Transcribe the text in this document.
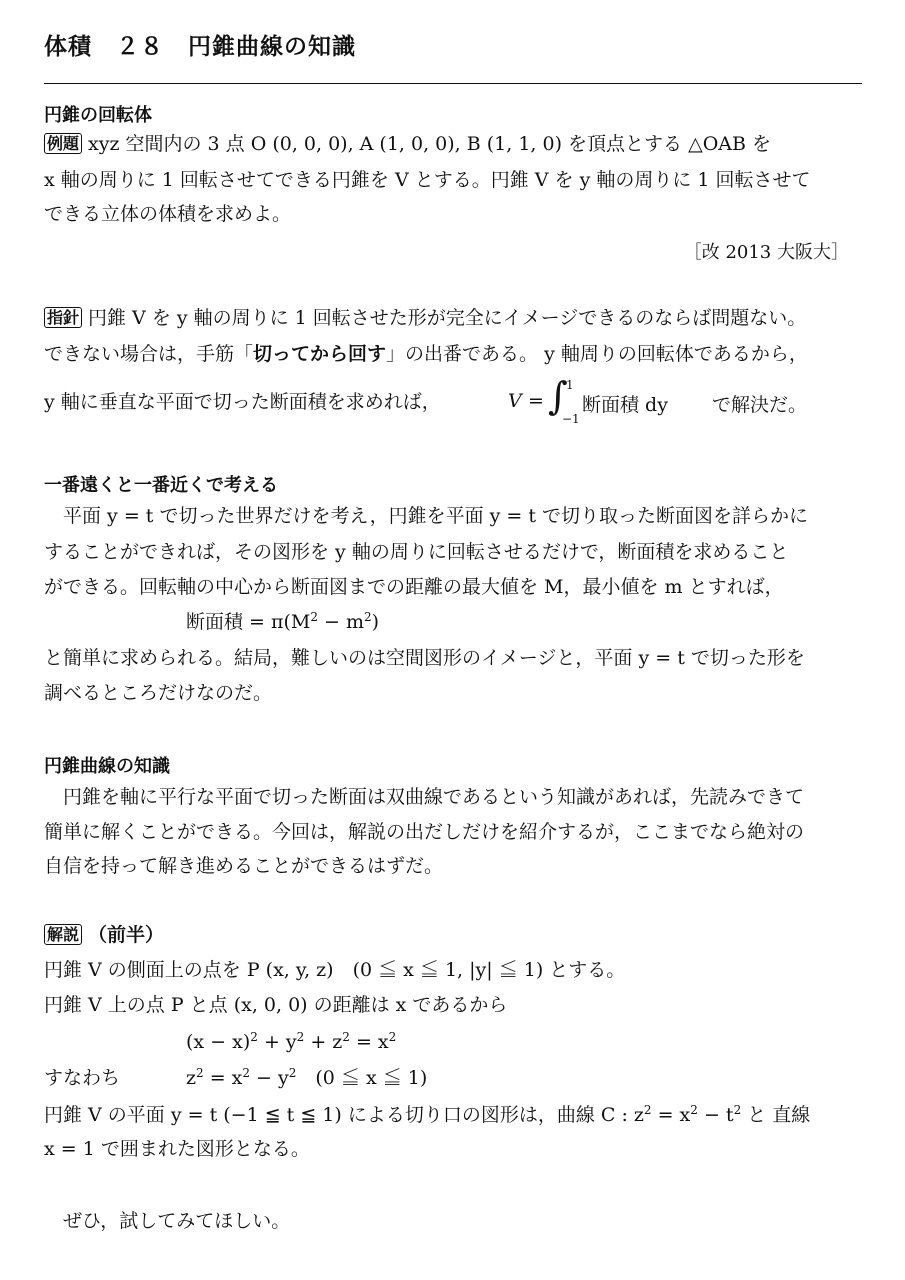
体積　２８　円錐曲線の知識
円錐の回転体
例題 xyz 空間内の 3 点 O (0, 0, 0), A (1, 0, 0), B (1, 1, 0) を頂点とする △OAB を
x 軸の周りに 1 回転させてできる円錐を V とする。円錐 V を y 軸の周りに 1 回転させて
できる立体の体積を求めよ。
［改 2013 大阪大］
指針 円錐 V を y 軸の周りに 1 回転させた形が完全にイメージできるのならば問題ない。
できない場合は，手筋「切ってから回す」の出番である。 y 軸周りの回転体であるから，
y 軸に垂直な平面で切った断面積を求めれば，	V = ∫
1
−1
断面積 dy で解決だ。
一番遠くと一番近くで考える
　平面 y = t で切った世界だけを考え，円錐を平面 y = t で切り取った断面図を詳らかに
することができれば，その図形を y 軸の周りに回転させるだけで，断面積を求めること
ができる。回転軸の中心から断面図までの距離の最大値を M，最小値を m とすれば，
断面積 = $\pi(M^2 - m^2)$
と簡単に求められる。結局，難しいのは空間図形のイメージと，平面 y = t で切った形を
調べるところだけなのだ。
円錐曲線の知識
　円錐を軸に平行な平面で切った断面は双曲線であるという知識があれば，先読みできて
簡単に解くことができる。今回は，解説の出だしだけを紹介するが，ここまでなら絶対の
自信を持って解き進めることができるはずだ。
解説 （前半）
円錐 V の側面上の点を P (x, y, z)　(0 ≦ x ≦ 1, |y| ≦ 1) とする。
円錐 V 上の点 P と点 (x, 0, 0) の距離は x であるから
$(x - x)^2 + y^2 + z^2 = x^2$
すなわち	$z^2 = x^2 - y^2$　(0 ≦ x ≦ 1)
円錐 V の平面 y = t (−1 ≦ t ≦ 1) による切り口の図形は，曲線 C : $z^2 = x^2 - t^2$ と 直線
x = 1 で囲まれた図形となる。
　ぜひ，試してみてほしい。
